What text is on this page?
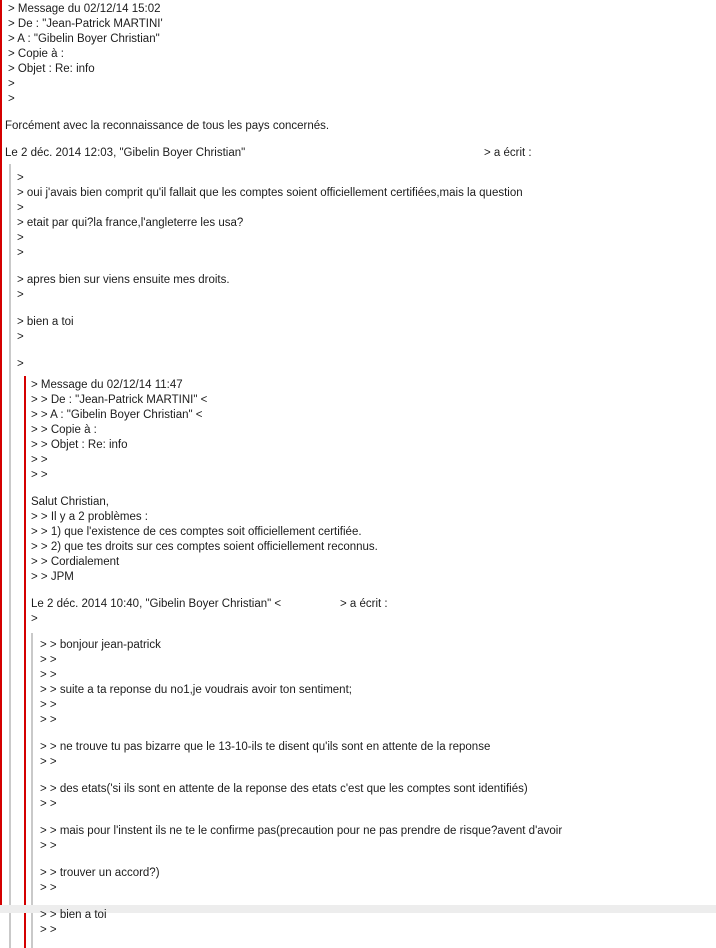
> Message du 02/12/14 15:02
> De : "Jean-Patrick MARTINI'
> A : "Gibelin Boyer Christian"
> Copie à :
> Objet : Re: info
>
>
Forcément avec la reconnaissance de tous les pays concernés.
Le 2 déc. 2014 12:03, "Gibelin Boyer Christian"	> a écrit :
>
> oui j'avais bien comprit qu'il fallait que les comptes soient officiellement certifiées,mais la question
>
> etait par qui?la france,l'angleterre les usa?
>
>

> apres bien sur viens ensuite mes droits.
>

> bien a toi
>

>
> Message du 02/12/14 11:47
> > De : "Jean-Patrick MARTINI" <
> > A : "Gibelin Boyer Christian" <
> > Copie à :
> > Objet : Re: info
> >
> >

Salut Christian,
> > Il y a 2 problèmes :
> > 1) que l'existence de ces comptes soit officiellement certifiée.
> > 2) que tes droits sur ces comptes soient officiellement reconnus.
> > Cordialement
> > JPM

Le 2 déc. 2014 10:40, "Gibelin Boyer Christian" <	> a écrit :
>
> > bonjour jean-patrick
> >
> >
> > suite a ta reponse du no1,je voudrais avoir ton sentiment;
> >
> >

> > ne trouve tu pas bizarre que le 13-10-ils te disent qu'ils sont en attente de la reponse
> >

> > des etats('si ils sont en attente de la reponse des etats c'est que les comptes sont identifiés)
> >

> > mais pour l'instent ils ne te le confirme pas(precaution pour ne pas prendre de risque?avent d'avoir
> >

> > trouver un accord?)
> >

> > bien a toi
> >
